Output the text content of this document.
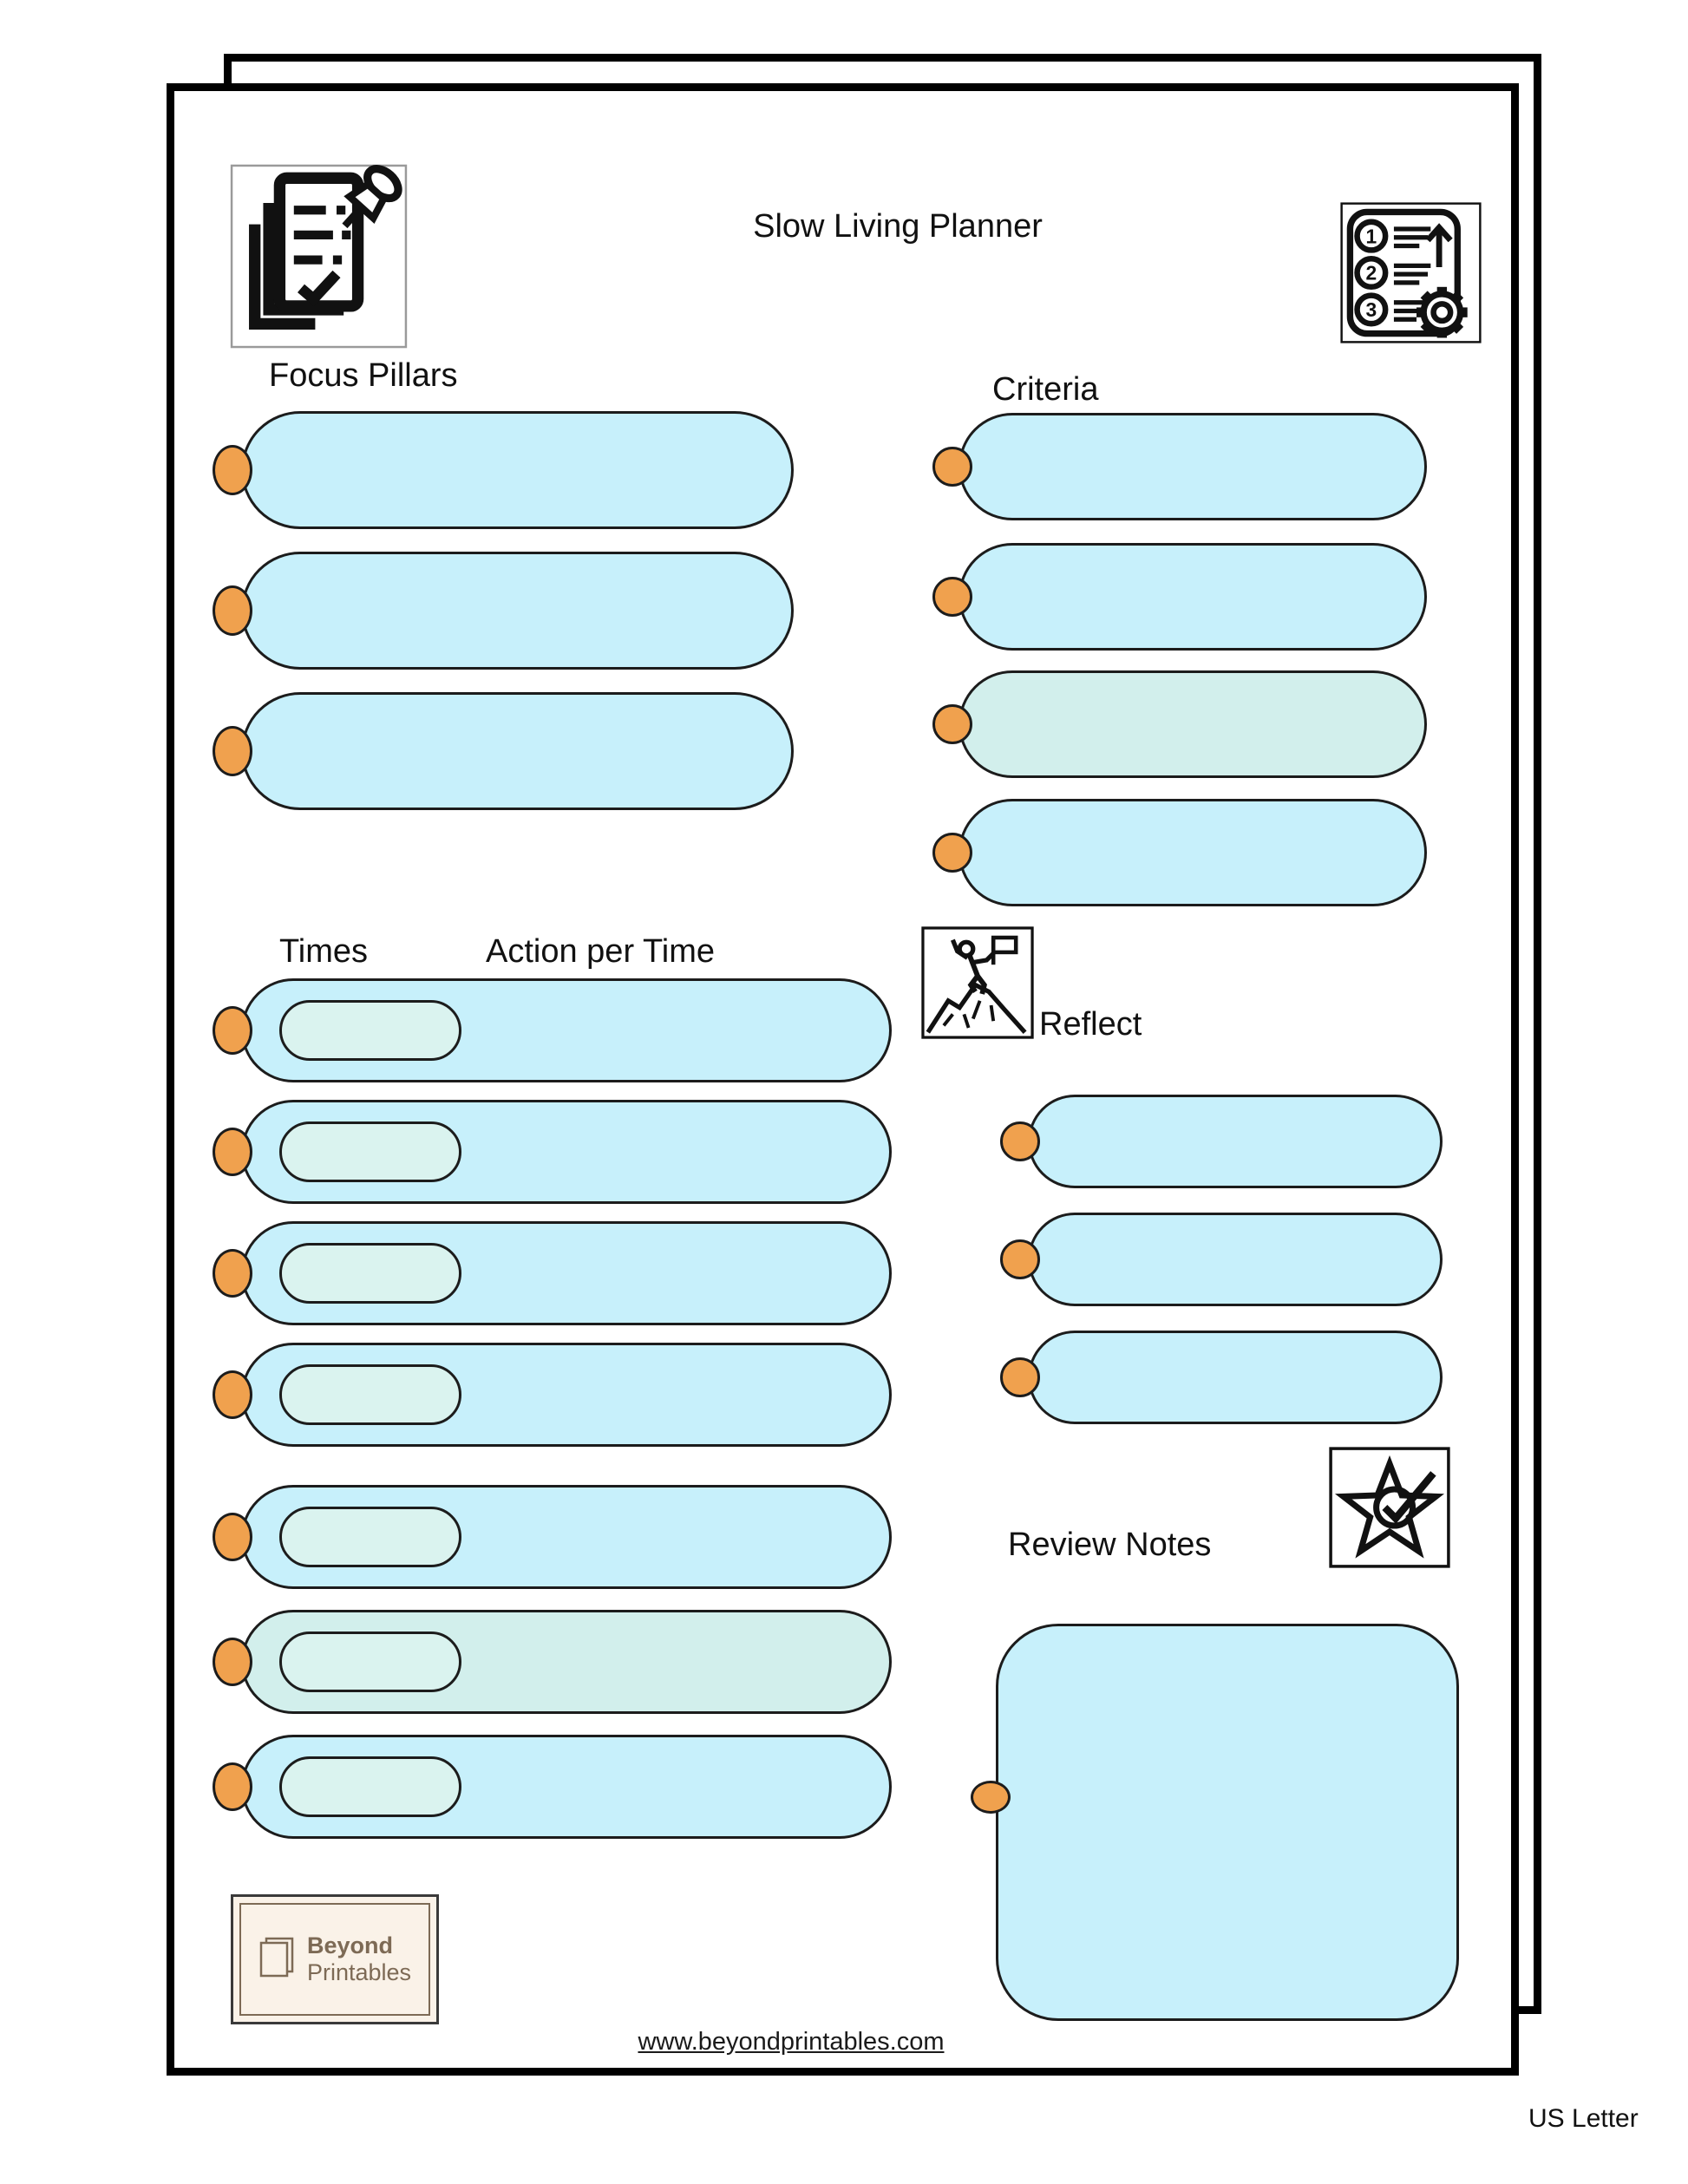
Slow Living Planner	1
2
3
Focus Pillars	Criteria
Times	Action per Time
Reflect
Review Notes
Beyond
Printables
www.beyondprintables.com
US Letter
